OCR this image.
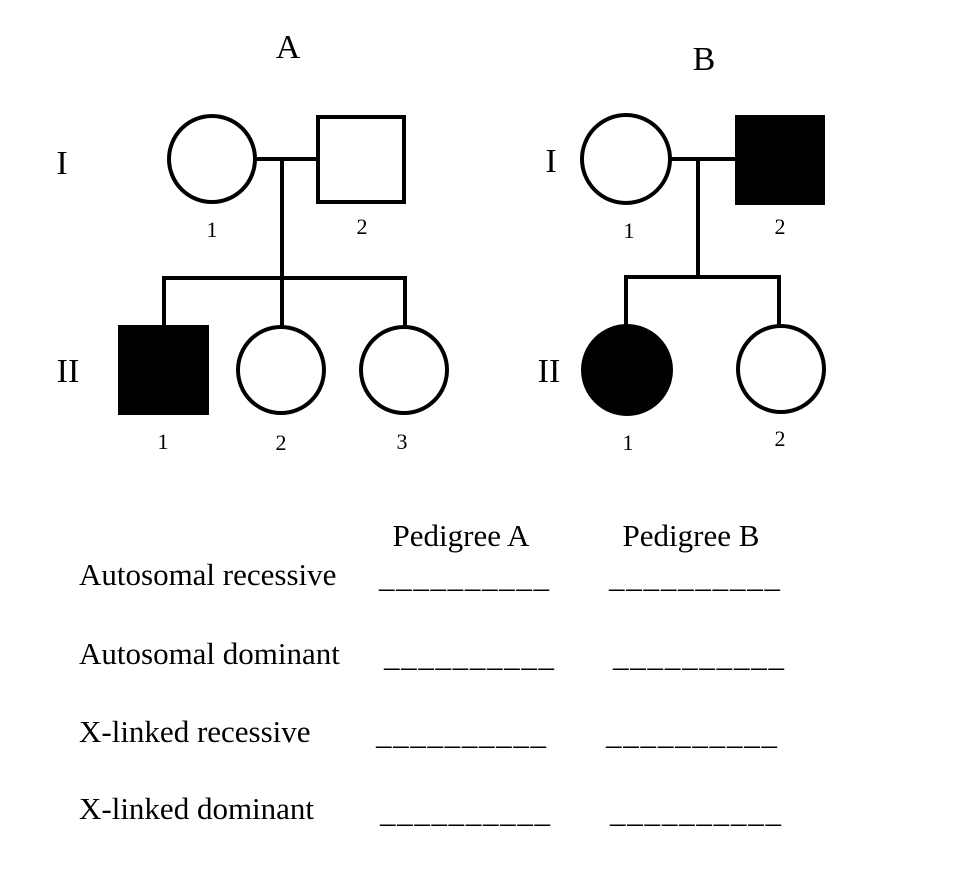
A
I
II
1	2
1	2	3
B
I
II
1	2
1	2
Pedigree A	Pedigree B
Autosomal recessive __________ __________
Autosomal dominant __________ __________
X-linked recessive __________ __________
X-linked dominant __________ __________
